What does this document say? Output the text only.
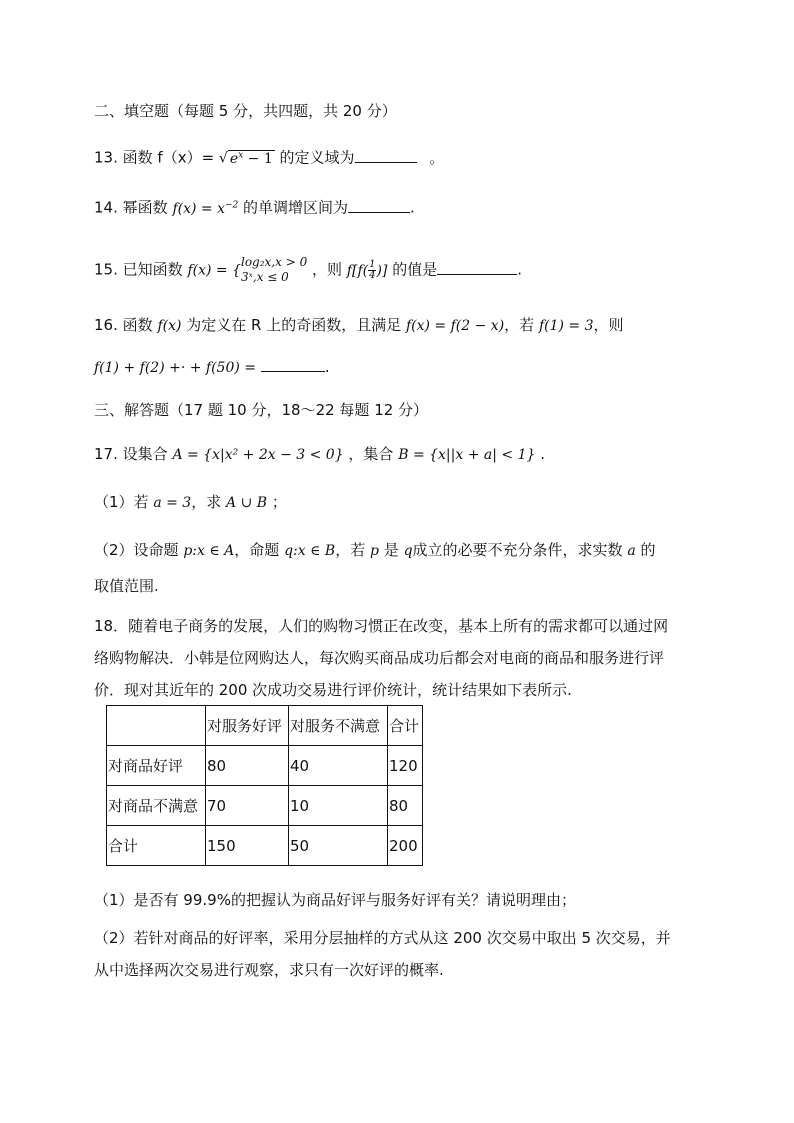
二、填空题（每题 5 分，共四题，共 20 分）
13. 函数 f（x）= √ $e^x - 1$ 的定义域为	。
14. 幂函数 $f(x) = x^{-2}$ 的单调增区间为	.
15. 已知函数 f(x) = {
log₂x,x > 0
3ˣ,x ≤ 0	，则 $f[f( \frac{1}{4}$ )] 的值是	.
16. 函数 f(x) 为定义在 R 上的奇函数，且满足 f(x) = f(2 − x)，若 f(1) = 3，则
f(1) + f(2) +· + f(50) =	.
三、解答题（17 题 10 分，18～22 每题 12 分）
17. 设集合 A = {x|x² + 2x − 3 < 0} ，集合 B = {x||x + a| < 1} .
（1）若 a = 3，求 A ∪ B ；
（2）设命题 p:x ∈ A，命题 q:x ∈ B，若 p 是 q成立的必要不充分条件，求实数 a 的
取值范围.
18．随着电子商务的发展，人们的购物习惯正在改变，基本上所有的需求都可以通过网
络购物解决．小韩是位网购达人，每次购买商品成功后都会对电商的商品和服务进行评
价．现对其近年的 200 次成功交易进行评价统计，统计结果如下表所示.
	对服务好评	对服务不满意	合计
对商品好评	80	40	120
对商品不满意	70	10	80
合计	150	50	200
（1）是否有 99.9%的把握认为商品好评与服务好评有关？请说明理由；
（2）若针对商品的好评率，采用分层抽样的方式从这 200 次交易中取出 5 次交易，并
从中选择两次交易进行观察，求只有一次好评的概率.
